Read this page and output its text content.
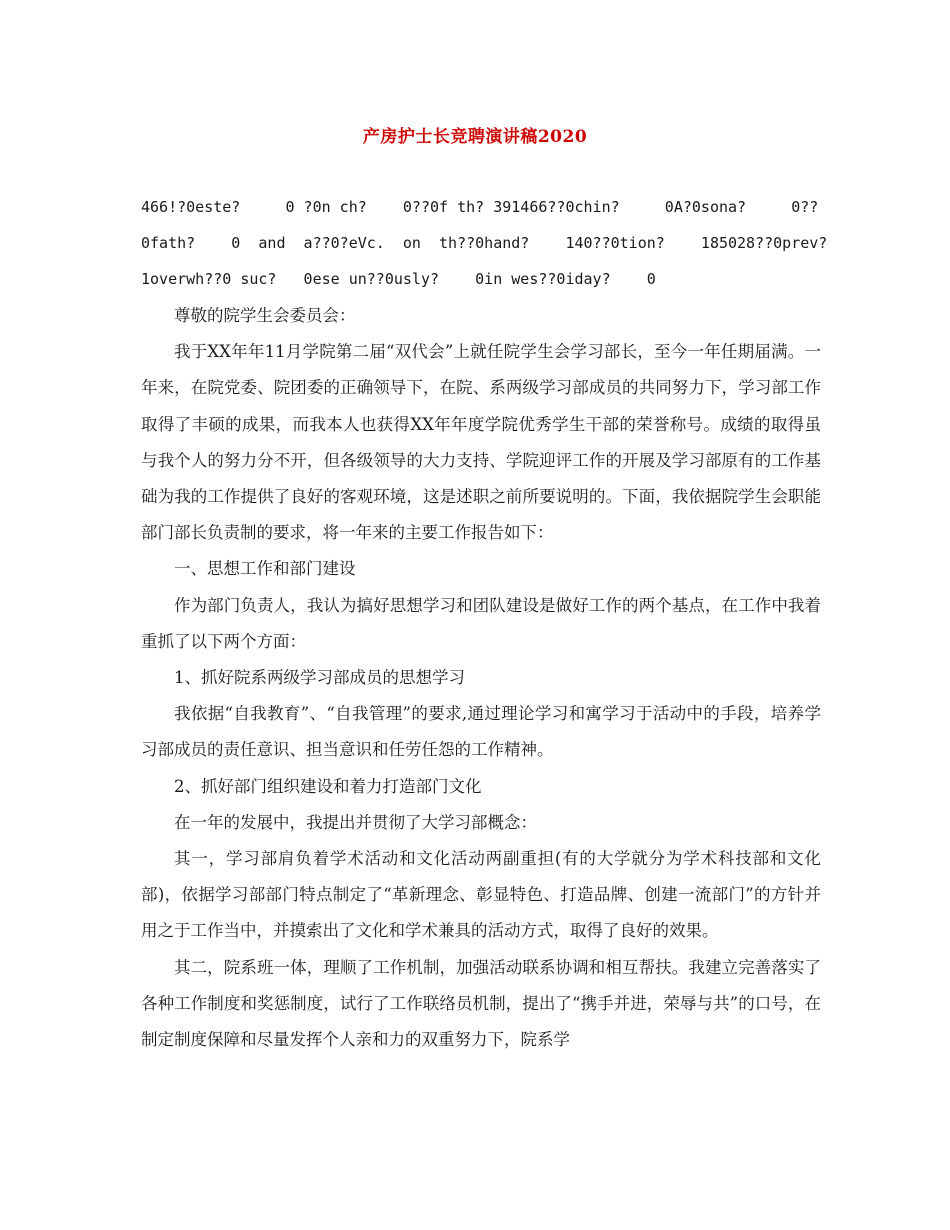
产房护士长竞聘演讲稿2020
466!?0este?     0 ?0n ch?    0??0f th? 391466??0chin?     0A?0sona?     0??
0fath?    0  and  a??0?eVc.  on  th??0hand?    140??0tion?    185028??0prev?
1overwh??0 suc?   0ese un??0usly?    0in wes??0iday?    0

尊敬的院学生会委员会：

我于XX年年11月学院第二届“双代会”上就任院学生会学习部长，至今一年任期届满。一年来，在院党委、院团委的正确领导下，在院、系两级学习部成员的共同努力下，学习部工作取得了丰硕的成果，而我本人也获得XX年年度学院优秀学生干部的荣誉称号。成绩的取得虽与我个人的努力分不开，但各级领导的大力支持、学院迎评工作的开展及学习部原有的工作基础为我的工作提供了良好的客观环境，这是述职之前所要说明的。下面，我依据院学生会职能部门部长负责制的要求，将一年来的主要工作报告如下：

一、思想工作和部门建设

作为部门负责人，我认为搞好思想学习和团队建设是做好工作的两个基点，在工作中我着重抓了以下两个方面：

1、抓好院系两级学习部成员的思想学习

我依据“自我教育”、“自我管理”的要求,通过理论学习和寓学习于活动中的手段，培养学习部成员的责任意识、担当意识和任劳任怨的工作精神。

2、抓好部门组织建设和着力打造部门文化

在一年的发展中，我提出并贯彻了大学习部概念：

其一，学习部肩负着学术活动和文化活动两副重担(有的大学就分为学术科技部和文化部)，依据学习部部门特点制定了“革新理念、彰显特色、打造品牌、创建一流部门”的方针并用之于工作当中，并摸索出了文化和学术兼具的活动方式，取得了良好的效果。

其二，院系班一体，理顺了工作机制，加强活动联系协调和相互帮扶。我建立完善落实了各种工作制度和奖惩制度，试行了工作联络员机制，提出了“携手并进，荣辱与共”的口号，在制定制度保障和尽量发挥个人亲和力的双重努力下，院系学
